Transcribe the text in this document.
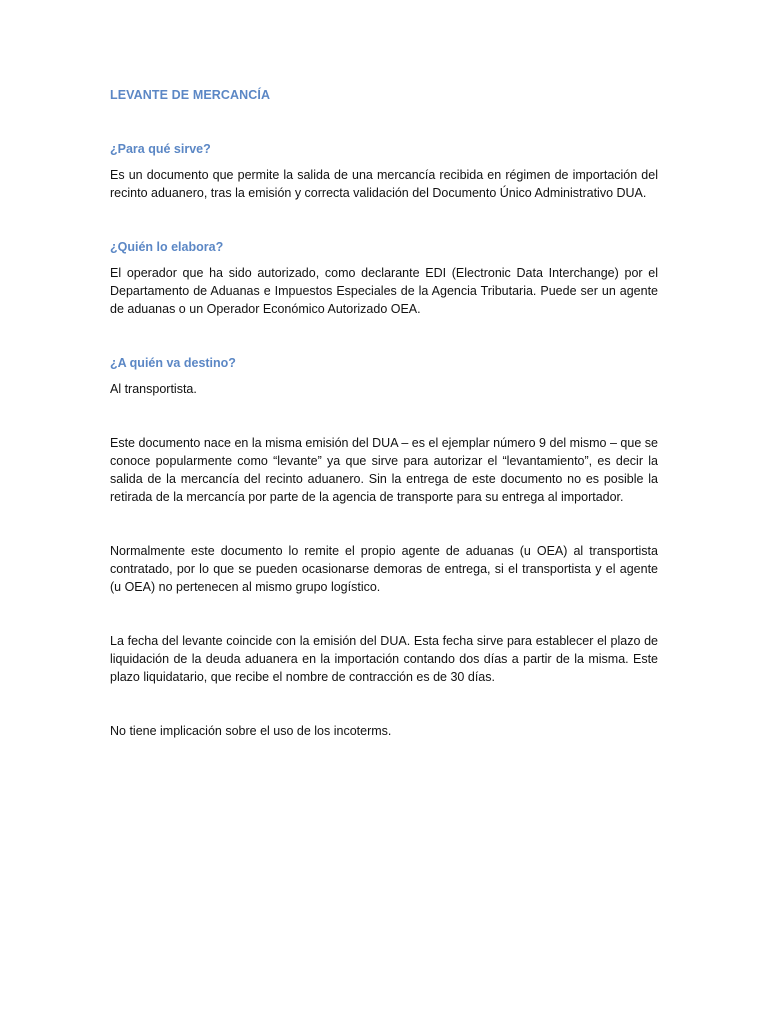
LEVANTE DE MERCANCÍA
¿Para qué sirve?

Es un documento que permite la salida de una mercancía recibida en régimen de importación del recinto aduanero, tras la emisión y correcta validación del Documento Único Administrativo DUA.

¿Quién lo elabora?

El operador que ha sido autorizado, como declarante EDI (Electronic Data Interchange) por el Departamento de Aduanas e Impuestos Especiales de la Agencia Tributaria. Puede ser un agente de aduanas o un Operador Económico Autorizado OEA.

¿A quién va destino?

Al transportista.

Este documento nace en la misma emisión del DUA – es el ejemplar número 9 del mismo – que se conoce popularmente como “levante” ya que sirve para autorizar el “levantamiento”, es decir la salida de la mercancía del recinto aduanero. Sin la entrega de este documento no es posible la retirada de la mercancía por parte de la agencia de transporte para su entrega al importador.

Normalmente este documento lo remite el propio agente de aduanas (u OEA) al transportista contratado, por lo que se pueden ocasionarse demoras de entrega, si el transportista y el agente (u OEA) no pertenecen al mismo grupo logístico.

La fecha del levante coincide con la emisión del DUA. Esta fecha sirve para establecer el plazo de liquidación de la deuda aduanera en la importación contando dos días a partir de la misma. Este plazo liquidatario, que recibe el nombre de contracción es de 30 días.

No tiene implicación sobre el uso de los incoterms.
